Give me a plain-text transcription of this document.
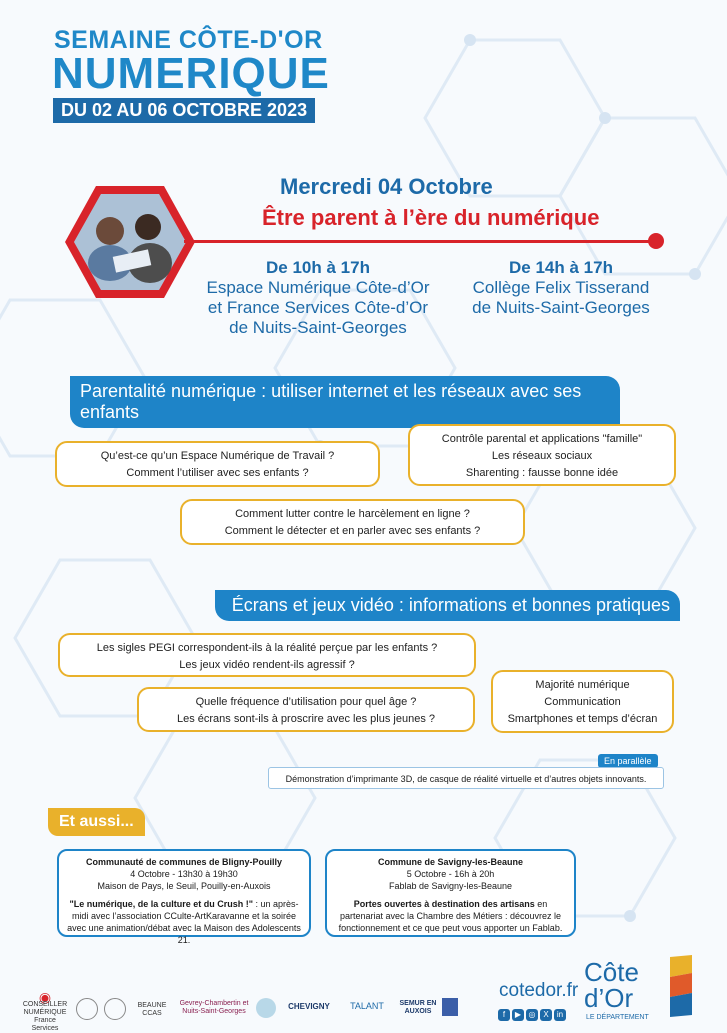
SEMAINE CÔTE-D'OR
NUMERIQUE
DU 02 AU 06 OCTOBRE 2023
Mercredi 04 Octobre
Être parent à l’ère du numérique
De 10h à 17h
Espace Numérique Côte-d’Or
et France Services Côte-d’Or
de Nuits-Saint-Georges
De 14h à 17h
Collège Felix Tisserand
de Nuits-Saint-Georges
Parentalité numérique : utiliser internet et les réseaux avec ses enfants
Qu’est-ce qu’un Espace Numérique de Travail ?
Comment l’utiliser avec ses enfants ?
Contrôle parental et applications "famille"
Les réseaux sociaux
Sharenting : fausse bonne idée
Comment lutter contre le harcèlement en ligne ?
Comment le détecter et en parler avec ses enfants ?
Écrans et jeux vidéo : informations et bonnes pratiques
Les sigles PEGI correspondent-ils à la réalité perçue par les enfants ?
Les jeux vidéo rendent-ils agressif ?
Quelle fréquence d’utilisation pour quel âge ?
Les écrans sont-ils à proscrire avec les plus jeunes ?
Majorité numérique
Communication
Smartphones et temps d’écran
En parallèle
Démonstration d’imprimante 3D, de casque de réalité virtuelle et d’autres objets innovants.
Et aussi...

Communauté de communes de Bligny-Pouilly

4 Octobre - 13h30 à 19h30

Maison de Pays, le Seuil, Pouilly-en-Auxois

"Le numérique, de la culture et du Crush !" : un après-midi avec l’association CCulte-ArtKaravanne et la soirée avec une animation/débat avec la Maison des Adolescents 21.

Commune de Savigny-les-Beaune

5 Octobre - 16h à 20h

Fablab de Savigny-les-Beaune

Portes ouvertes à destination des artisans en partenariat avec la Chambre des Métiers : découvrez le fonctionnement et ce que peut vous apporter un Fablab.

◉
CONSEILLER NUMÉRIQUE France Services
BEAUNE CCAS
Gevrey-Chambertin et Nuits-Saint-Georges
CHEVIGNY	TALANT	SEMUR EN AUXOIS
cotedor.fr
f ▶ ◎ X in
Côte
d’Or
LE DÉPARTEMENT
